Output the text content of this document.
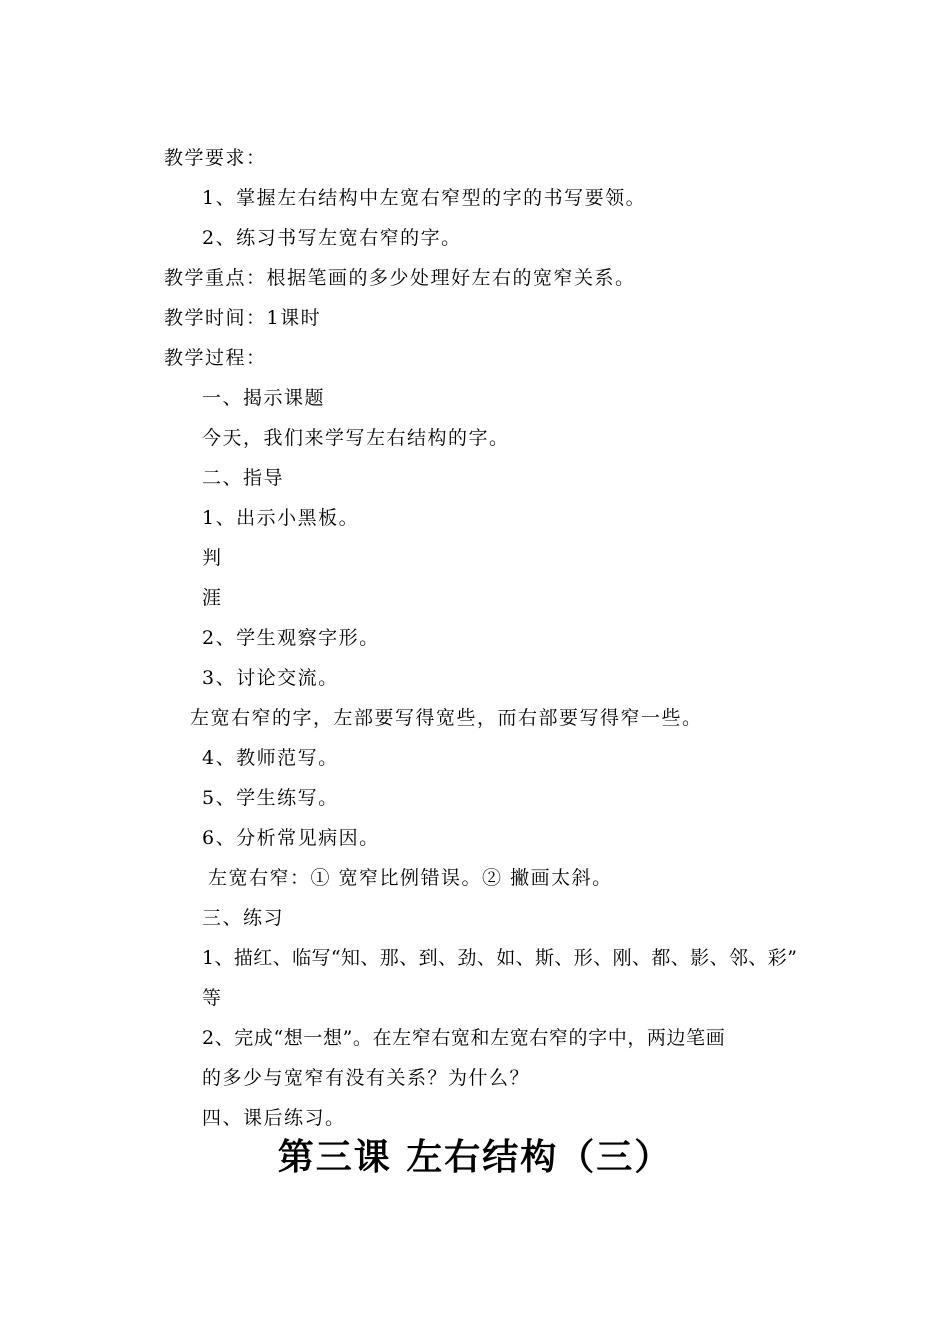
教学要求：
1、掌握左右结构中左宽右窄型的字的书写要领。
2、练习书写左宽右窄的字。
教学重点：根据笔画的多少处理好左右的宽窄关系。
教学时间：1课时
教学过程：
一、揭示课题
今天，我们来学写左右结构的字。
二、指导
1、出示小黑板。
判
涯
2、学生观察字形。
3、讨论交流。
左宽右窄的字，左部要写得宽些，而右部要写得窄一些。
4、教师范写。
5、学生练写。
6、分析常见病因。
左宽右窄：① 宽窄比例错误。② 撇画太斜。
三、练习
1、描红、临写“知、那、到、劲、如、斯、形、刚、都、影、邻、彩”
等
2、完成“想一想”。在左窄右宽和左宽右窄的字中，两边笔画
的多少与宽窄有没有关系？为什么？
四、课后练习。
第三课 左右结构（三）
